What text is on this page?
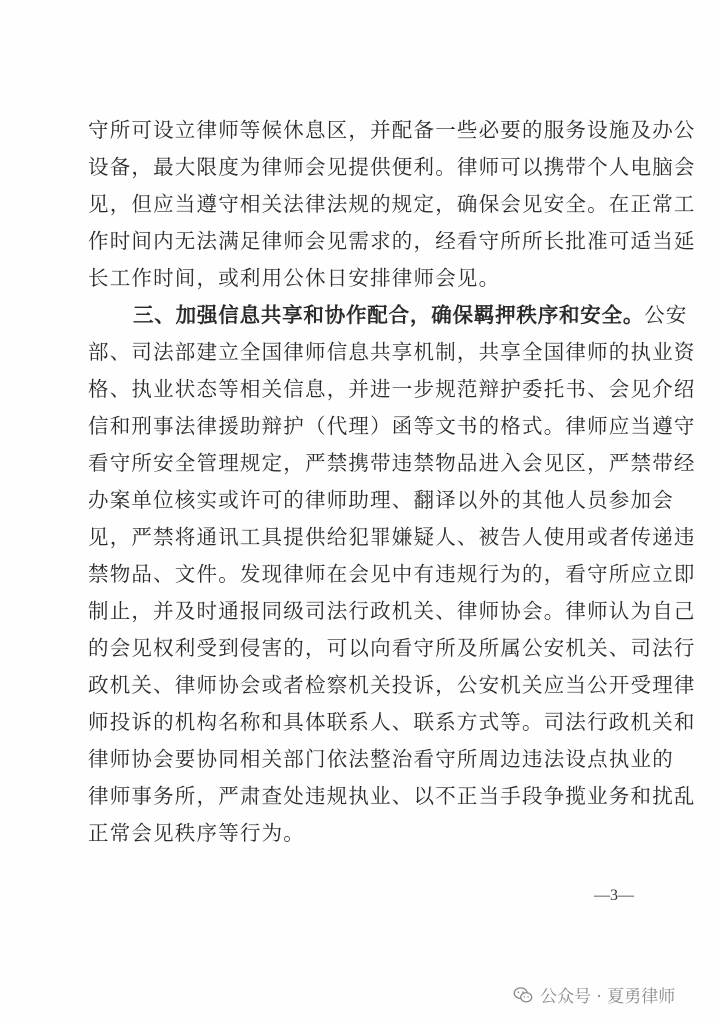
守所可设立律师等候休息区，并配备一些必要的服务设施及办公
设备，最大限度为律师会见提供便利。律师可以携带个人电脑会
见，但应当遵守相关法律法规的规定，确保会见安全。在正常工
作时间内无法满足律师会见需求的，经看守所所长批准可适当延
长工作时间，或利用公休日安排律师会见。
三、加强信息共享和协作配合，确保羁押秩序和安全。公安
部、司法部建立全国律师信息共享机制，共享全国律师的执业资
格、执业状态等相关信息，并进一步规范辩护委托书、会见介绍
信和刑事法律援助辩护（代理）函等文书的格式。律师应当遵守
看守所安全管理规定，严禁携带违禁物品进入会见区，严禁带经
办案单位核实或许可的律师助理、翻译以外的其他人员参加会
见，严禁将通讯工具提供给犯罪嫌疑人、被告人使用或者传递违
禁物品、文件。发现律师在会见中有违规行为的，看守所应立即
制止，并及时通报同级司法行政机关、律师协会。律师认为自己
的会见权利受到侵害的，可以向看守所及所属公安机关、司法行
政机关、律师协会或者检察机关投诉，公安机关应当公开受理律
师投诉的机构名称和具体联系人、联系方式等。司法行政机关和
律师协会要协同相关部门依法整治看守所周边违法设点执业的
律师事务所，严肃查处违规执业、以不正当手段争揽业务和扰乱
正常会见秩序等行为。
—3—
公众号 · 夏勇律师
